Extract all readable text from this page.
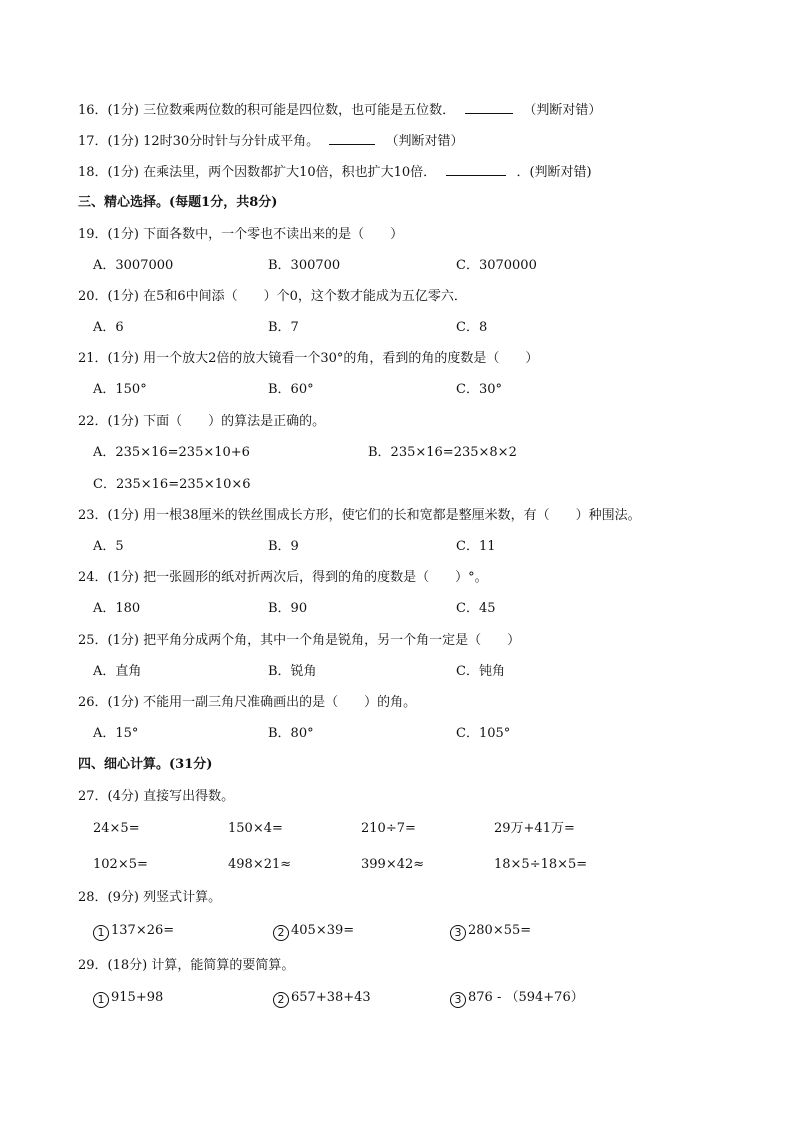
16．(1分) 三位数乘两位数的积可能是四位数，也可能是五位数．	（判断对错）
17．(1分) 12时30分时针与分针成平角。	（判断对错）
18．(1分) 在乘法里，两个因数都扩大10倍，积也扩大10倍．	．(判断对错)
三、精心选择。(每题1分，共8分)
19．(1分) 下面各数中，一个零也不读出来的是（　　）
A．3007000	B．300700	C．3070000
20．(1分) 在5和6中间添（　　）个0，这个数才能成为五亿零六．
A．6	B．7	C．8
21．(1分) 用一个放大2倍的放大镜看一个30°的角，看到的角的度数是（　　）
A．150°	B．60°	C．30°
22．(1分) 下面（　　）的算法是正确的。
A．235×16=235×10+6	B．235×16=235×8×2
C．235×16=235×10×6
23．(1分) 用一根38厘米的铁丝围成长方形，使它们的长和宽都是整厘米数，有（　　）种围法。
A．5	B．9	C．11
24．(1分) 把一张圆形的纸对折两次后，得到的角的度数是（　　）°。
A．180	B．90	C．45
25．(1分) 把平角分成两个角，其中一个角是锐角，另一个角一定是（　　）
A．直角	B．锐角	C．钝角
26．(1分) 不能用一副三角尺准确画出的是（　　）的角。
A．15°	B．80°	C．105°
四、细心计算。(31分)
27．(4分) 直接写出得数。
24×5=	150×4=	210÷7=	29万+41万=
102×5=	498×21≈	399×42≈	18×5÷18×5=
28．(9分) 列竖式计算。
1 137×26=	2 405×39=	3 280×55=
29．(18分) 计算，能简算的要简算。
1 915+98	2 657+38+43	3 876 - （594+76）
